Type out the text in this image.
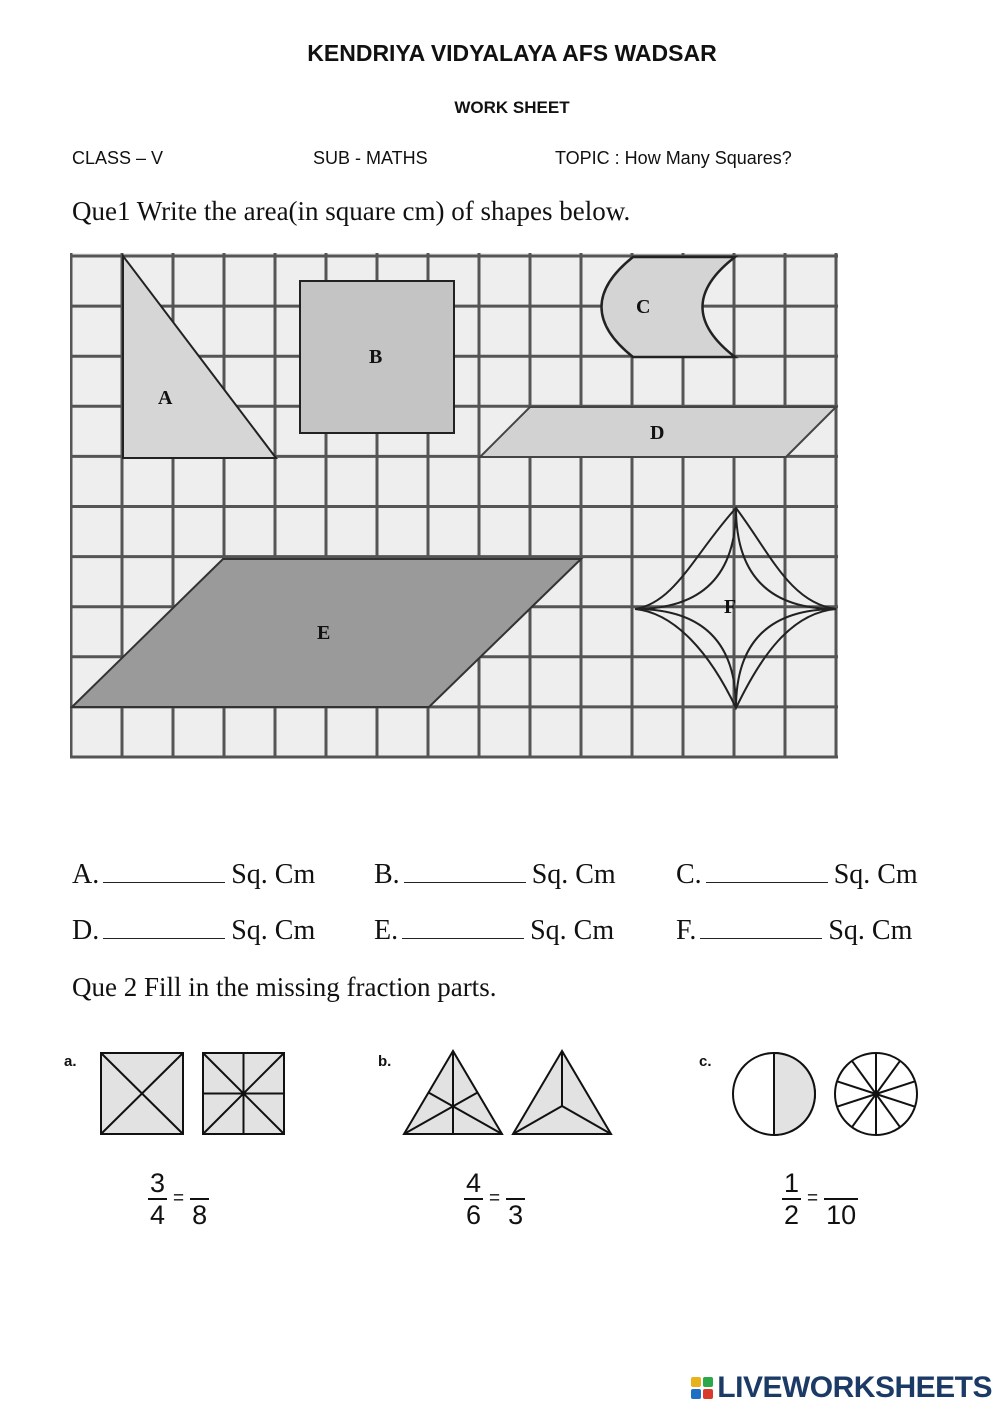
KENDRIYA VIDYALAYA AFS WADSAR
WORK SHEET
CLASS – V	SUB - MATHS	TOPIC : How Many Squares?
Que1 Write the area(in square cm) of shapes below.
A
B
C
D
E
F
A.	Sq. Cm B.	Sq. Cm C.	Sq. Cm
D.	Sq. Cm E.	Sq. Cm F.	Sq. Cm
Que 2 Fill in the missing fraction parts.
a.
$\frac{3}{4}$ =
8
b.
$\frac{4}{6}$ =
3
c.
$\frac{1}{2}$ =
10
LIVEWORKSHEETS
